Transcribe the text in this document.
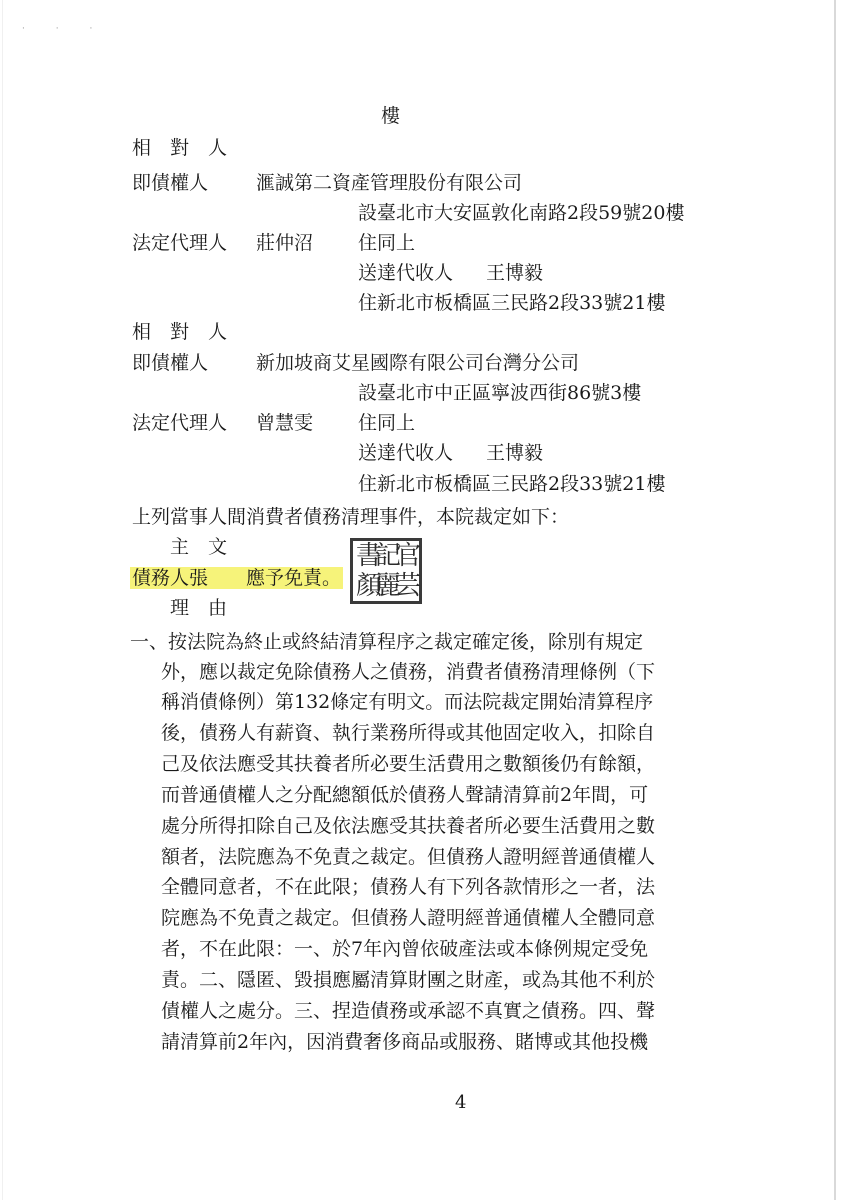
· · ·
樓
相　對　人
即債權人	滙誠第二資產管理股份有限公司
設臺北市大安區敦化南路2段59號20樓
法定代理人 莊仲沼 住同上
送達代收人 王博毅
住新北市板橋區三民路2段33號21樓
相　對　人
即債權人	新加坡商艾星國際有限公司台灣分公司
設臺北市中正區寧波西街86號3樓
法定代理人 曾慧雯 住同上
送達代收人 王博毅
住新北市板橋區三民路2段33號21樓
上列當事人間消費者債務清理事件，本院裁定如下：
主　文
債務人張　　應予免責。
書
記
官
顏
麗
芸
理　由
一、按法院為終止或終結清算程序之裁定確定後，除別有規定
外，應以裁定免除債務人之債務，消費者債務清理條例（下
稱消債條例）第132條定有明文。而法院裁定開始清算程序
後，債務人有薪資、執行業務所得或其他固定收入，扣除自
己及依法應受其扶養者所必要生活費用之數額後仍有餘額，
而普通債權人之分配總額低於債務人聲請清算前2年間，可
處分所得扣除自己及依法應受其扶養者所必要生活費用之數
額者，法院應為不免責之裁定。但債務人證明經普通債權人
全體同意者，不在此限；債務人有下列各款情形之一者，法
院應為不免責之裁定。但債務人證明經普通債權人全體同意
者，不在此限：一、於7年內曾依破產法或本條例規定受免
責。二、隱匿、毀損應屬清算財團之財產，或為其他不利於
債權人之處分。三、捏造債務或承認不真實之債務。四、聲
請清算前2年內，因消費奢侈商品或服務、賭博或其他投機
4
